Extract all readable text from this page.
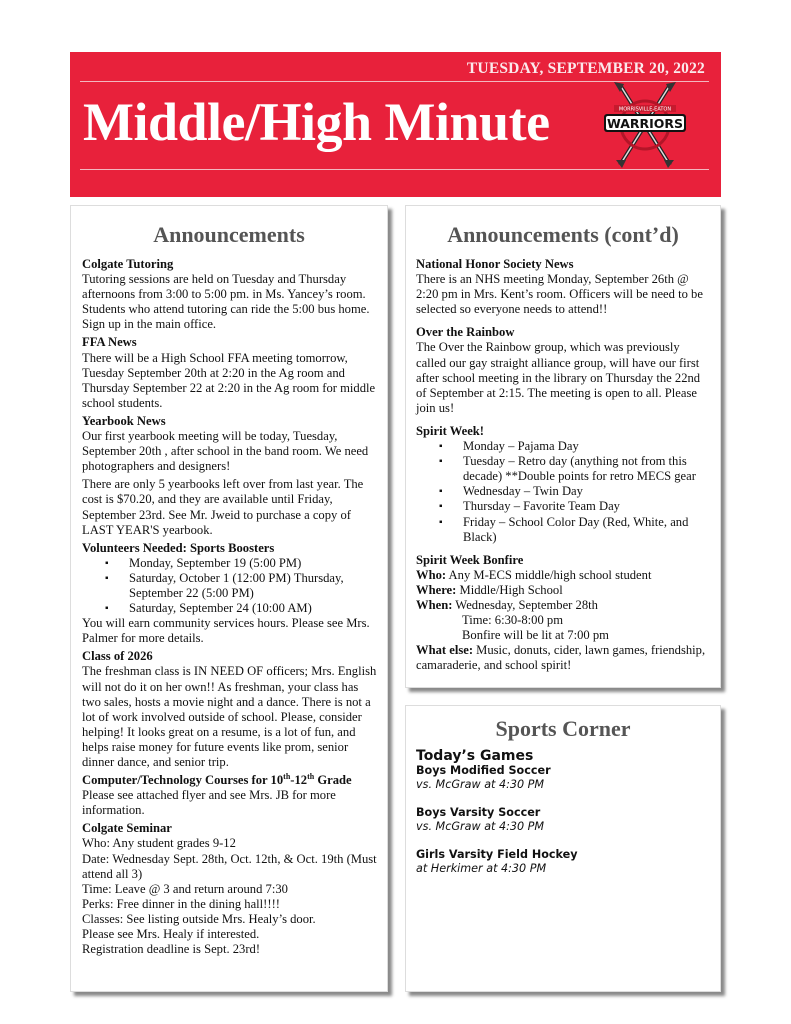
TUESDAY, SEPTEMBER 20, 2022
Middle/High Minute	MORRISVILLE-EATON
WARRIORS
Announcements
Colgate Tutoring
Tutoring sessions are held on Tuesday and Thursday afternoons from 3:00 to 5:00 pm. in Ms. Yancey’s room. Students who attend tutoring can ride the 5:00 bus home. Sign up in the main office.
FFA News
There will be a High School FFA meeting tomorrow, Tuesday September 20th at 2:20 in the Ag room and Thursday September 22 at 2:20 in the Ag room for middle school students.
Yearbook News
Our first yearbook meeting will be today, Tuesday, September 20th , after school in the band room. We need photographers and designers!
There are only 5 yearbooks left over from last year. The cost is $70.20, and they are available until Friday, September 23rd. See Mr. Jweid to purchase a copy of LAST YEAR'S yearbook.
Volunteers Needed: Sports Boosters
▪ Monday, September 19 (5:00 PM)
▪ Saturday, October 1 (12:00 PM) Thursday, September 22 (5:00 PM)
▪ Saturday, September 24 (10:00 AM)
You will earn community services hours. Please see Mrs. Palmer for more details.
Class of 2026
The freshman class is IN NEED OF officers; Mrs. English will not do it on her own!! As freshman, your class has two sales, hosts a movie night and a dance. There is not a lot of work involved outside of school. Please, consider helping! It looks great on a resume, is a lot of fun, and helps raise money for future events like prom, senior dinner dance, and senior trip.
Computer/Technology Courses for 10th-12th Grade
Please see attached flyer and see Mrs. JB for more information.
Colgate Seminar
Who: Any student grades 9-12
Date: Wednesday Sept. 28th, Oct. 12th, & Oct. 19th (Must attend all 3)
Time: Leave @ 3 and return around 7:30
Perks: Free dinner in the dining hall!!!!
Classes: See listing outside Mrs. Healy’s door.
Please see Mrs. Healy if interested.
Registration deadline is Sept. 23rd!
Announcements (cont’d)
National Honor Society News
There is an NHS meeting Monday, September 26th @ 2:20 pm in Mrs. Kent’s room. Officers will be need to be selected so everyone needs to attend!!
Over the Rainbow
The Over the Rainbow group, which was previously called our gay straight alliance group, will have our first after school meeting in the library on Thursday the 22nd of September at 2:15. The meeting is open to all. Please join us!
Spirit Week!
▪ Monday – Pajama Day
▪ Tuesday – Retro day (anything not from this decade) **Double points for retro MECS gear
▪ Wednesday – Twin Day
▪ Thursday – Favorite Team Day
▪ Friday – School Color Day (Red, White, and Black)
Spirit Week Bonfire
Who: Any M-ECS middle/high school student
Where: Middle/High School
When: Wednesday, September 28th
Time: 6:30-8:00 pm
Bonfire will be lit at 7:00 pm
What else: Music, donuts, cider, lawn games, friendship, camaraderie, and school spirit!
Sports Corner
Today’s Games
Boys Modified Soccer
vs. McGraw at 4:30 PM
Boys Varsity Soccer
vs. McGraw at 4:30 PM
Girls Varsity Field Hockey
at Herkimer at 4:30 PM
